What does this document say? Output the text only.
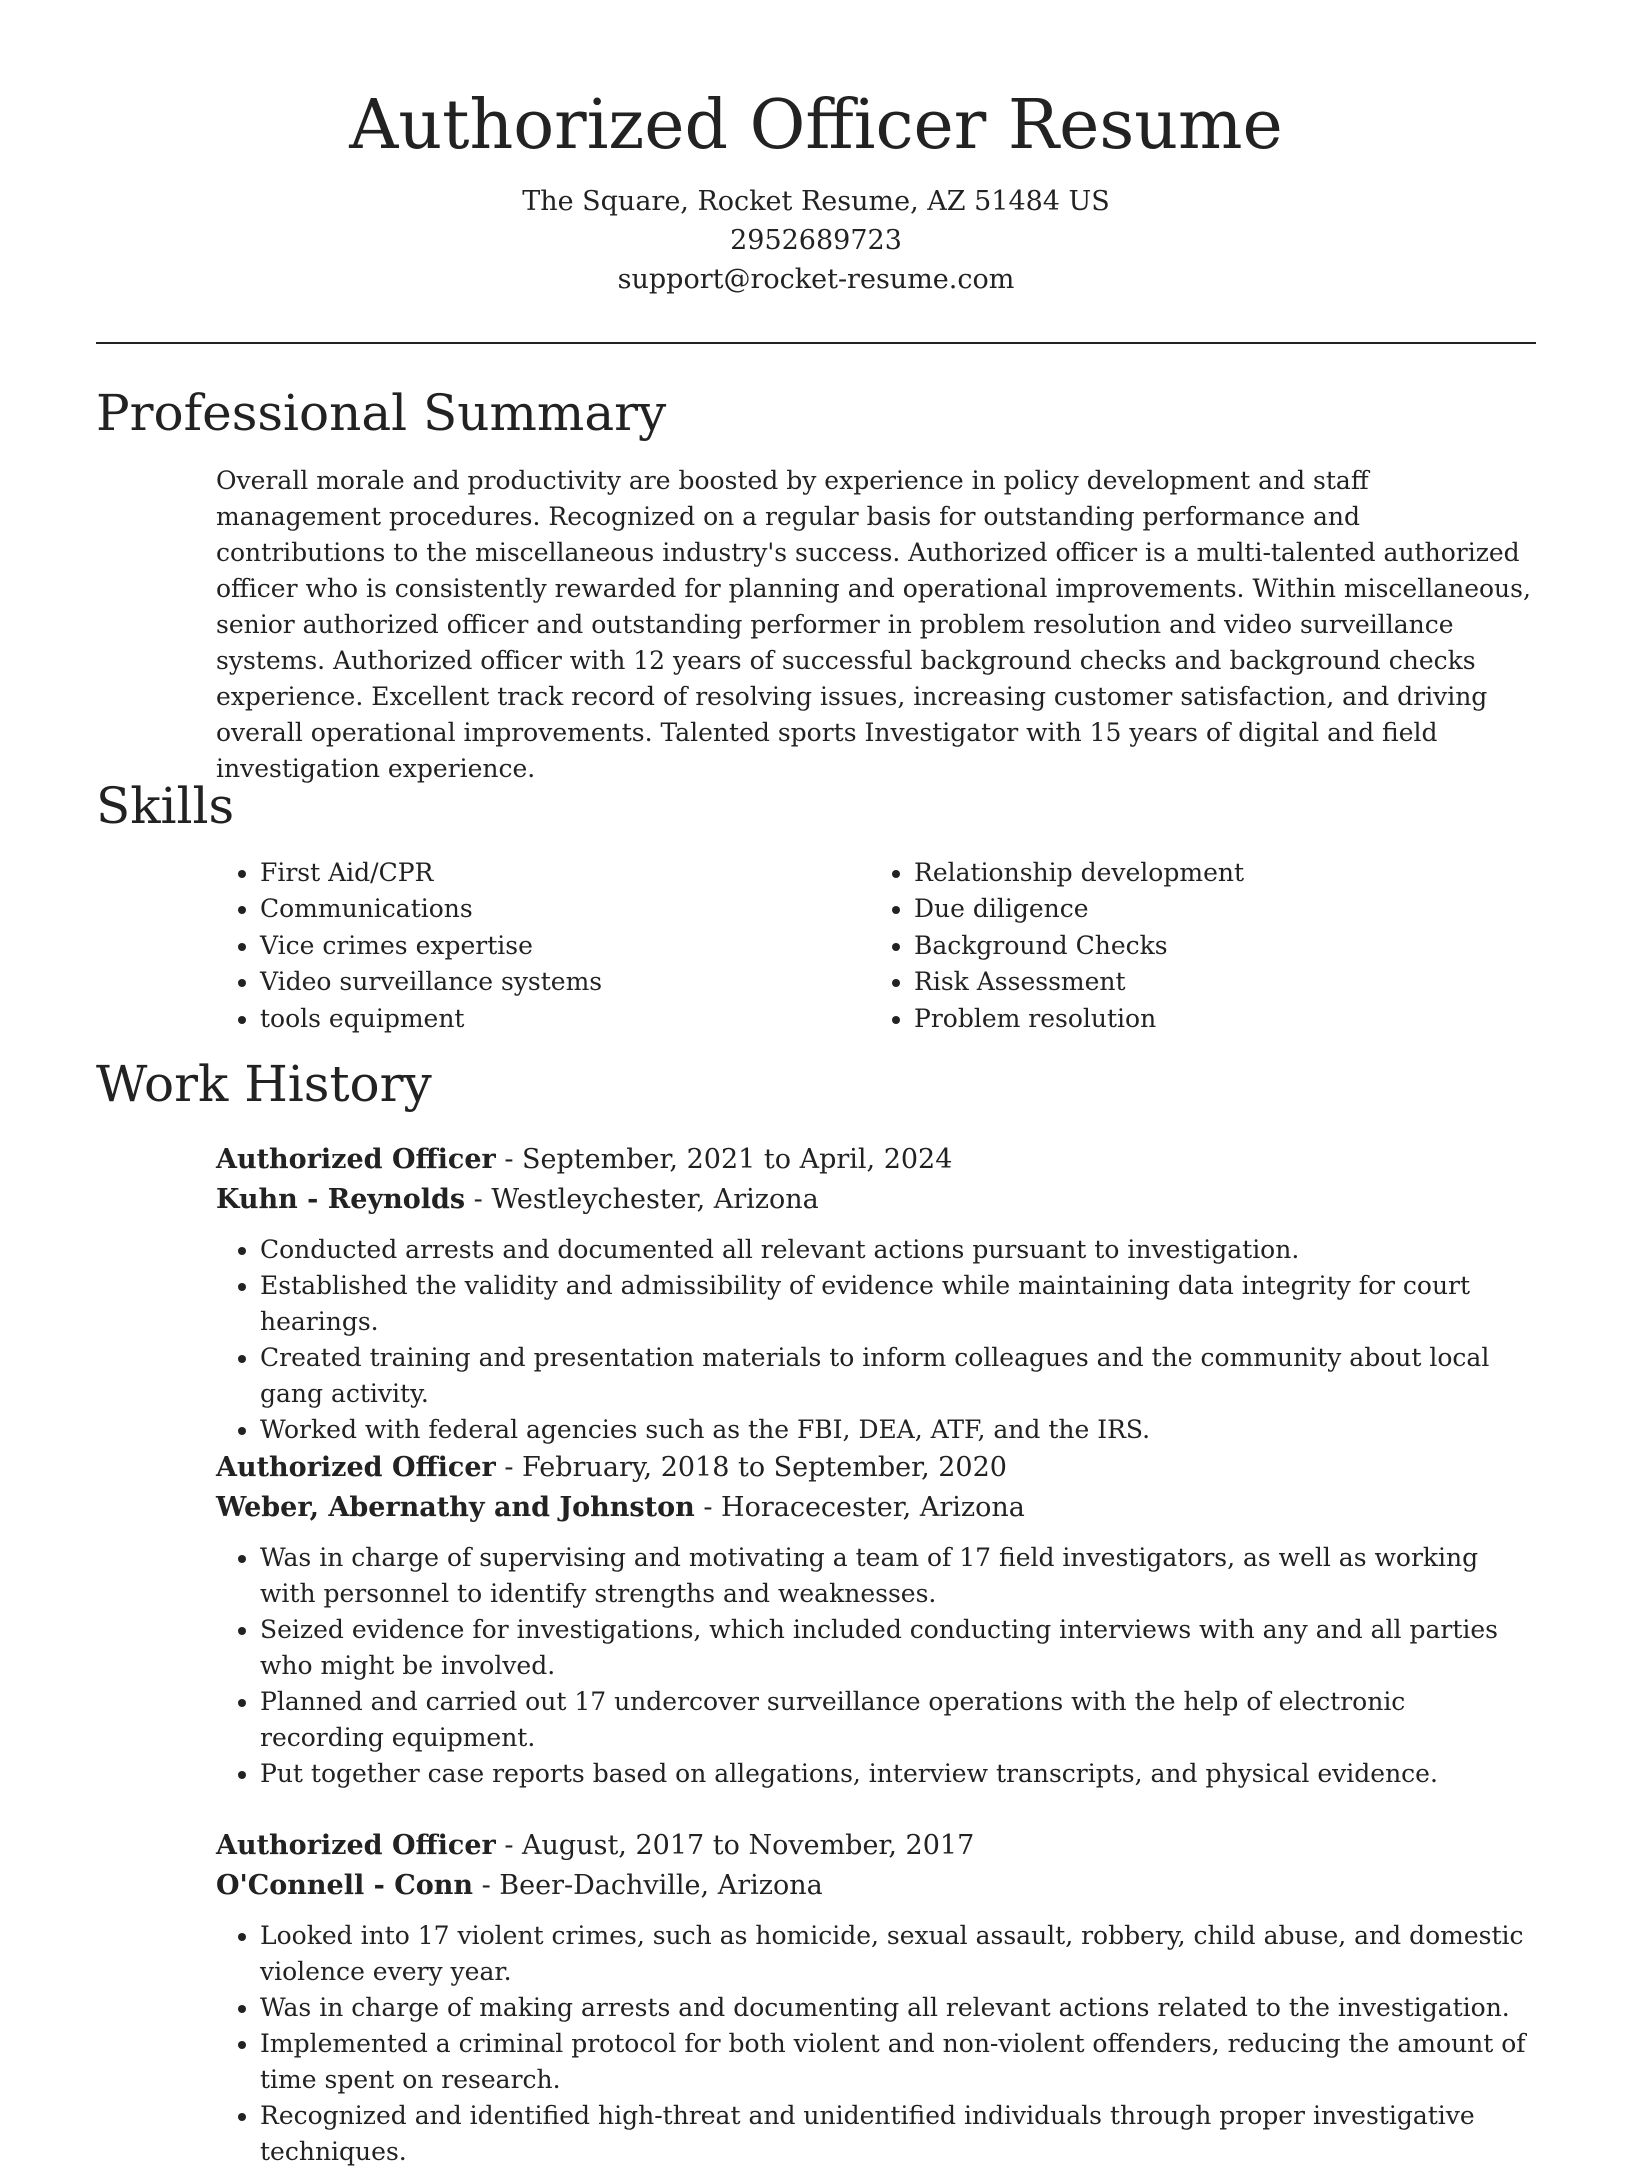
Authorized Officer Resume
The Square, Rocket Resume, AZ 51484 US
2952689723
support@rocket-resume.com
Professional Summary

Overall morale and productivity are boosted by experience in policy development and staff management procedures. Recognized on a regular basis for outstanding performance and contributions to the miscellaneous industry's success. Authorized officer is a multi-talented authorized officer who is consistently rewarded for planning and operational improvements. Within miscellaneous, senior authorized officer and outstanding performer in problem resolution and video surveillance systems. Authorized officer with 12 years of successful background checks and background checks experience. Excellent track record of resolving issues, increasing customer satisfaction, and driving overall operational improvements. Talented sports Investigator with 15 years of digital and field investigation experience.

Skills
• First Aid/CPR
• Communications
• Vice crimes expertise
• Video surveillance systems
• tools equipment
• Relationship development
• Due diligence
• Background Checks
• Risk Assessment
• Problem resolution
Work History
Authorized Officer - September, 2021 to April, 2024
Kuhn - Reynolds - Westleychester, Arizona
• Conducted arrests and documented all relevant actions pursuant to investigation.
• Established the validity and admissibility of evidence while maintaining data integrity for court hearings.
• Created training and presentation materials to inform colleagues and the community about local gang activity.
• Worked with federal agencies such as the FBI, DEA, ATF, and the IRS.
Authorized Officer - February, 2018 to September, 2020
Weber, Abernathy and Johnston - Horacecester, Arizona
• Was in charge of supervising and motivating a team of 17 field investigators, as well as working with personnel to identify strengths and weaknesses.
• Seized evidence for investigations, which included conducting interviews with any and all parties who might be involved.
• Planned and carried out 17 undercover surveillance operations with the help of electronic recording equipment.
• Put together case reports based on allegations, interview transcripts, and physical evidence.
Authorized Officer - August, 2017 to November, 2017
O'Connell - Conn - Beer-Dachville, Arizona
• Looked into 17 violent crimes, such as homicide, sexual assault, robbery, child abuse, and domestic violence every year.
• Was in charge of making arrests and documenting all relevant actions related to the investigation.
• Implemented a criminal protocol for both violent and non-violent offenders, reducing the amount of time spent on research.
• Recognized and identified high-threat and unidentified individuals through proper investigative techniques.
